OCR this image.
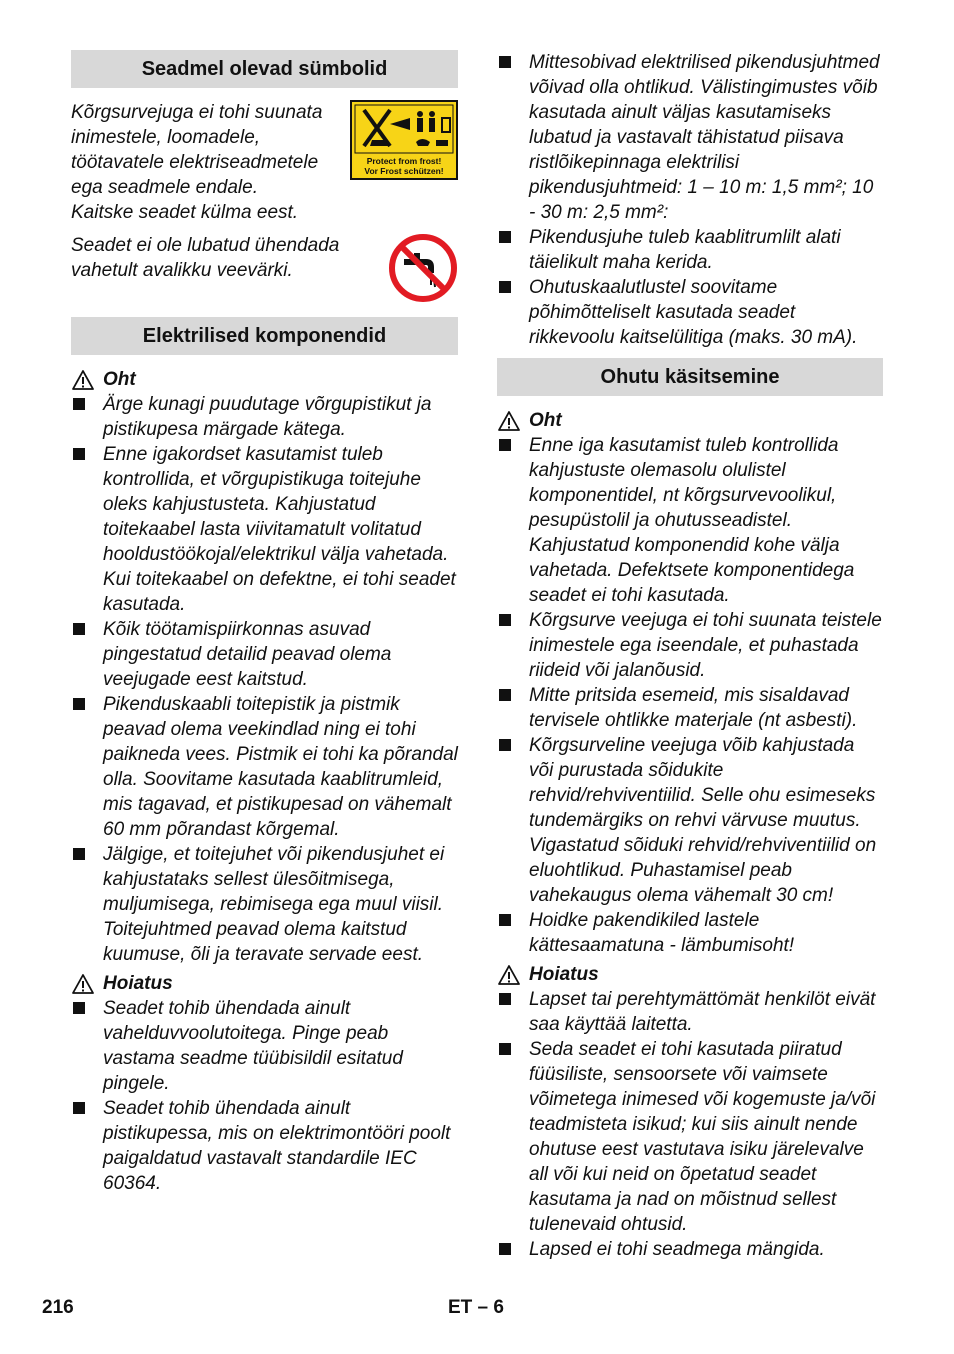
Seadmel olevad sümbolid
Kõrgsurvejuga ei tohi suunata inimestele, loomadele, töötavatele elektriseadmetele ega seadmele endale.
Kaitske seadet külma eest.
Protect from frost!
Vor Frost schützen!
Seadet ei ole lubatud ühendada vahetult avalikku veevärki.
Elektrilised komponendid
Oht
Ärge kunagi puudutage võrgupistikut ja pistikupesa märgade kätega.
Enne igakordset kasutamist tuleb kontrollida, et võrgupistikuga toitejuhe oleks kahjustusteta. Kahjustatud toitekaabel lasta viivitamatult volitatud hooldustöökojal/elektrikul välja vahetada. Kui toitekaabel on defektne, ei tohi seadet kasutada.
Kõik töötamispiirkonnas asuvad pingestatud detailid peavad olema veejugade eest kaitstud.
Pikenduskaabli toitepistik ja pistmik peavad olema veekindlad ning ei tohi paikneda vees. Pistmik ei tohi ka põrandal olla. Soovitame kasutada kaablitrumleid, mis tagavad, et pistikupesad on vähemalt 60 mm põrandast kõrgemal.
Jälgige, et toitejuhet või pikendusjuhet ei kahjustataks sellest ülesõitmisega, muljumisega, rebimisega ega muul viisil. Toitejuhtmed peavad olema kaitstud kuumuse, õli ja teravate servade eest.
Hoiatus
Seadet tohib ühendada ainult vahelduvvoolutoitega. Pinge peab vastama seadme tüübisildil esitatud pingele.
Seadet tohib ühendada ainult pistikupessa, mis on elektrimontööri poolt paigaldatud vastavalt standardile IEC 60364.
Mittesobivad elektrilised pikendusjuhtmed võivad olla ohtlikud. Välistingimustes võib kasutada ainult väljas kasutamiseks lubatud ja vastavalt tähistatud piisava ristlõikepinnaga elektrilisi pikendusjuhtmeid: 1 – 10 m: 1,5 mm²; 10 - 30 m: 2,5 mm²:
Pikendusjuhe tuleb kaablitrumlilt alati täielikult maha kerida.
Ohutuskaalutlustel soovitame põhimõtteliselt kasutada seadet rikkevoolu kaitselülitiga (maks. 30 mA).
Ohutu käsitsemine
Oht
Enne iga kasutamist tuleb kontrollida kahjustuste olemasolu olulistel komponentidel, nt kõrgsurvevoolikul, pesupüstolil ja ohutusseadistel. Kahjustatud komponendid kohe välja vahetada. Defektsete komponentidega seadet ei tohi kasutada.
Kõrgsurve veejuga ei tohi suunata teistele inimestele ega iseendale, et puhastada riideid või jalanõusid.
Mitte pritsida esemeid, mis sisaldavad tervisele ohtlikke materjale (nt asbesti).
Kõrgsurveline veejuga võib kahjustada või purustada sõidukite rehvid/rehviventiilid. Selle ohu esimeseks tundemärgiks on rehvi värvuse muutus. Vigastatud sõiduki rehvid/rehviventiilid on eluohtlikud. Puhastamisel peab vahekaugus olema vähemalt 30 cm!
Hoidke pakendikiled lastele kättesaamatuna - lämbumisoht!
Hoiatus
Lapset tai perehtymättömät henkilöt eivät saa käyttää laitetta.
Seda seadet ei tohi kasutada piiratud füüsiliste, sensoorsete või vaimsete võimetega inimesed või kogemuste ja/või teadmisteta isikud; kui siis ainult nende ohutuse eest vastutava isiku järelevalve all või kui neid on õpetatud seadet kasutama ja nad on mõistnud sellest tulenevaid ohtusid.
Lapsed ei tohi seadmega mängida.
216	ET – 6
